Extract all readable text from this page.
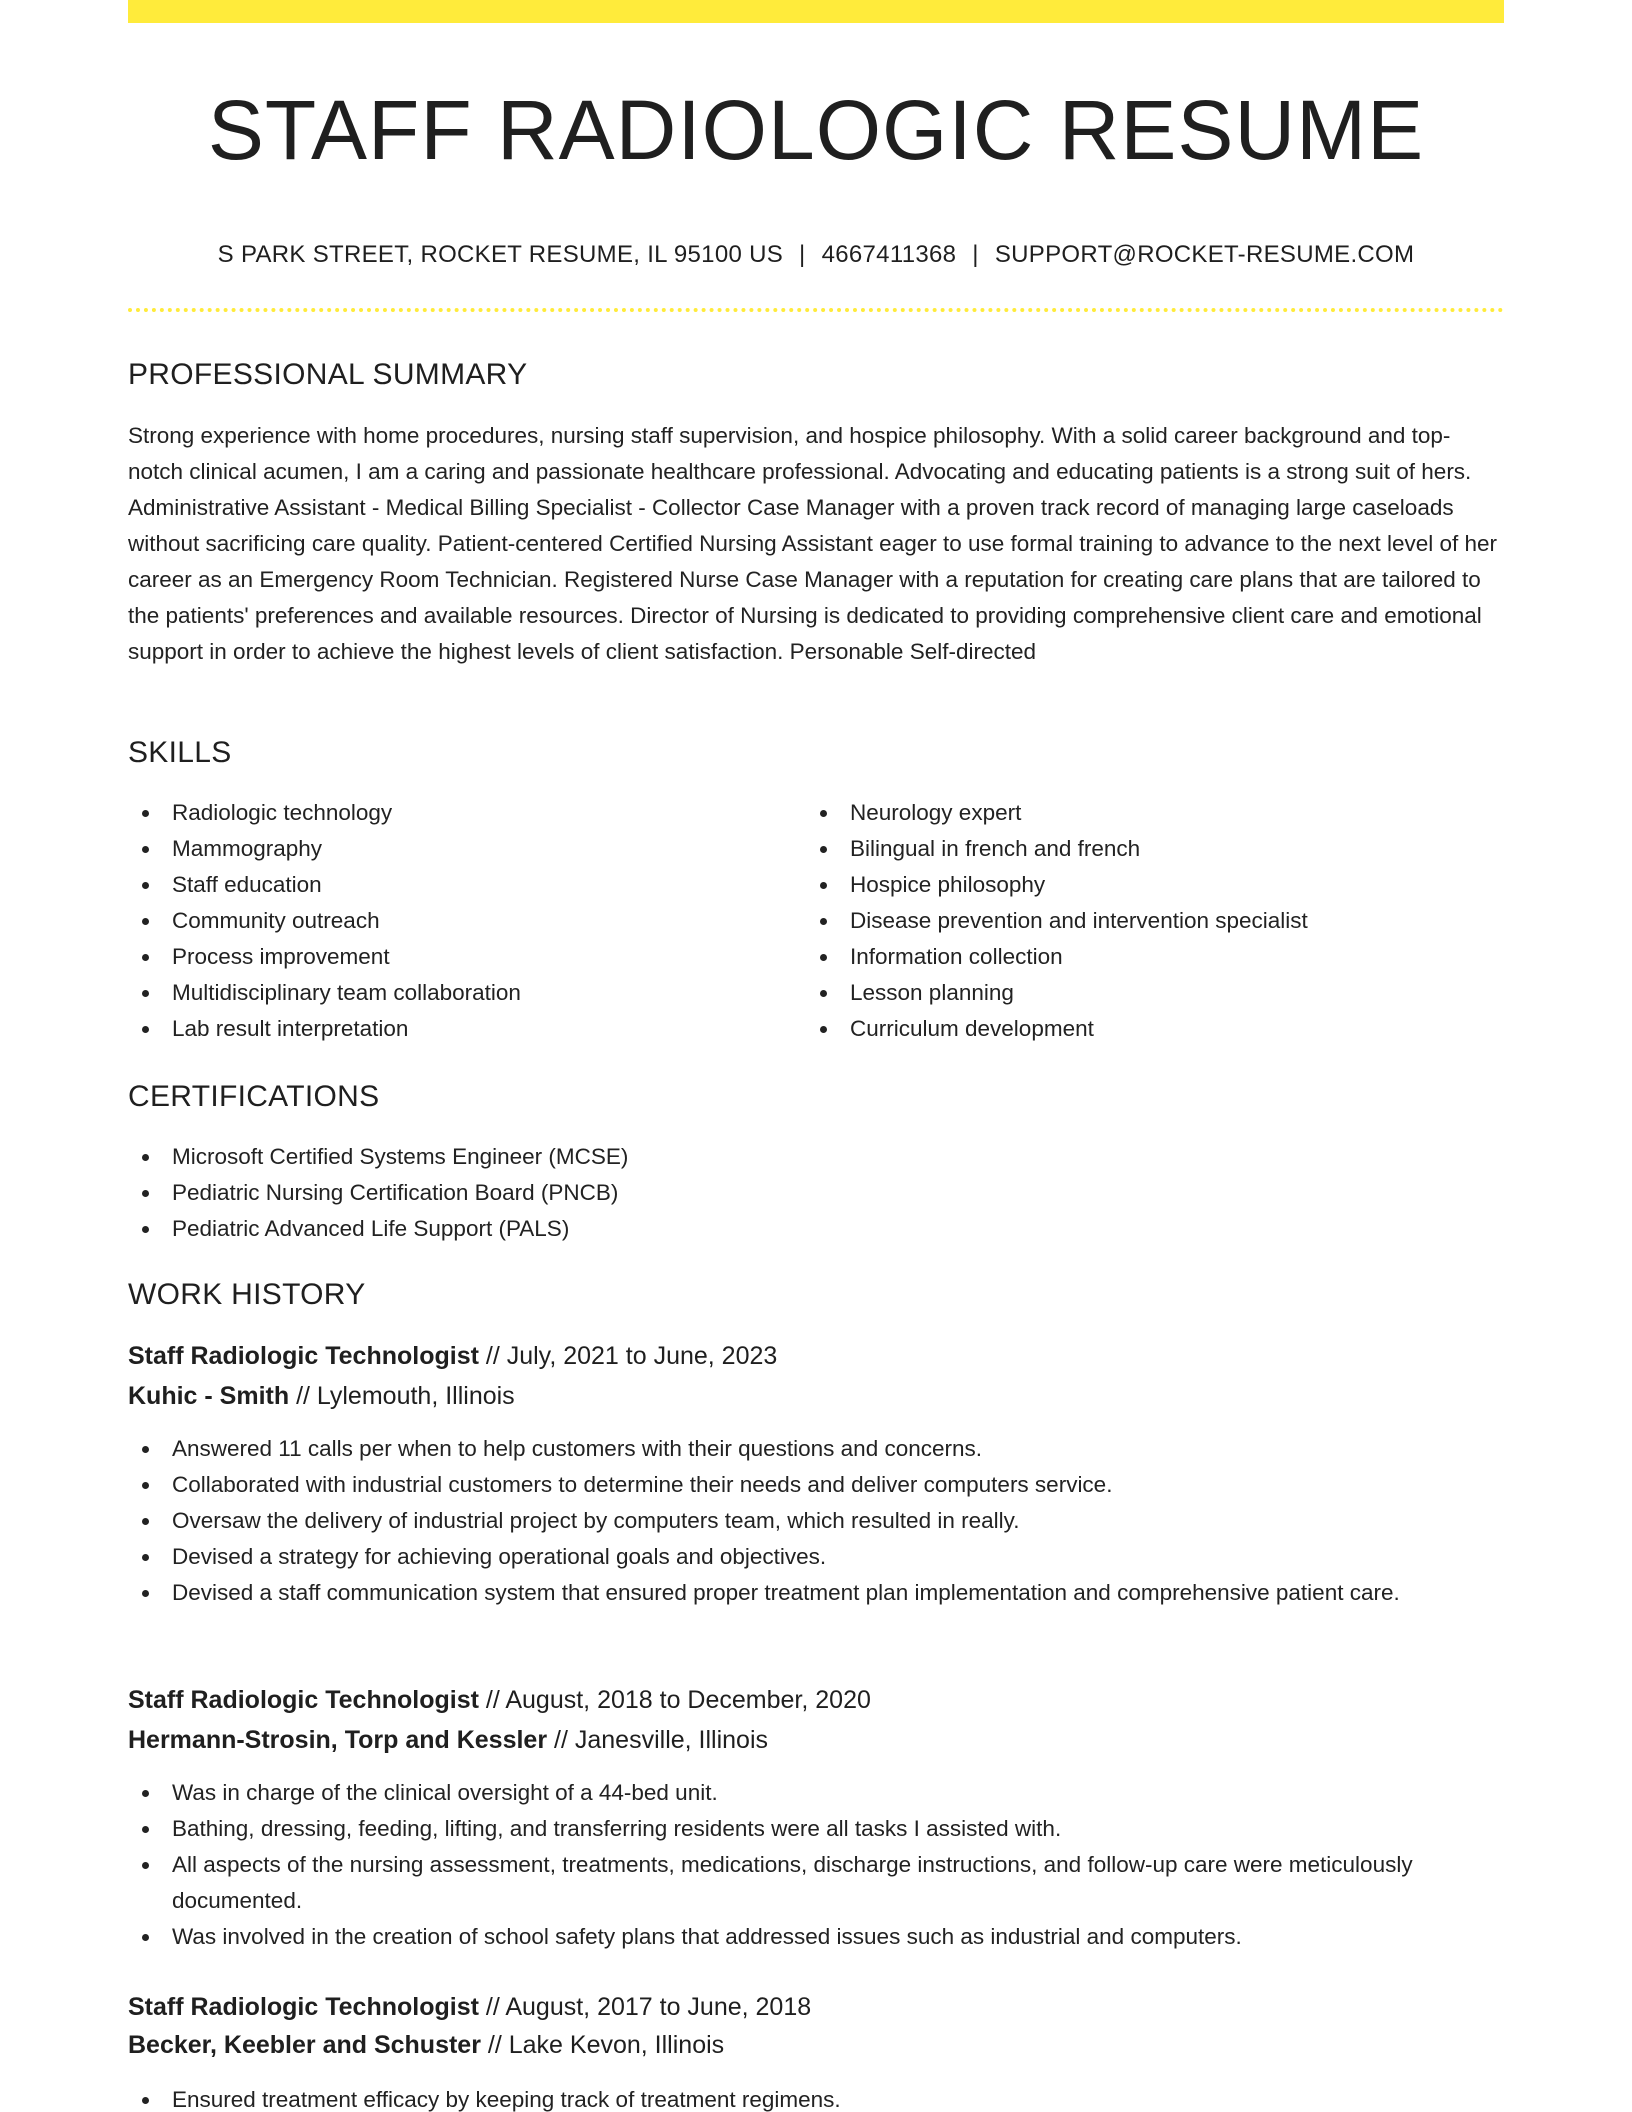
STAFF RADIOLOGIC RESUME
S PARK STREET, ROCKET RESUME, IL 95100 US | 4667411368 | SUPPORT@ROCKET-RESUME.COM
PROFESSIONAL SUMMARY

Strong experience with home procedures, nursing staff supervision, and hospice philosophy. With a solid career background and top-notch clinical acumen, I am a caring and passionate healthcare professional. Advocating and educating patients is a strong suit of hers. Administrative Assistant - Medical Billing Specialist - Collector Case Manager with a proven track record of managing large caseloads without sacrificing care quality. Patient-centered Certified Nursing Assistant eager to use formal training to advance to the next level of her career as an Emergency Room Technician. Registered Nurse Case Manager with a reputation for creating care plans that are tailored to the patients' preferences and available resources. Director of Nursing is dedicated to providing comprehensive client care and emotional support in order to achieve the highest levels of client satisfaction. Personable Self-directed

SKILLS
Radiologic technology
Mammography
Staff education
Community outreach
Process improvement
Multidisciplinary team collaboration
Lab result interpretation
Neurology expert
Bilingual in french and french
Hospice philosophy
Disease prevention and intervention specialist
Information collection
Lesson planning
Curriculum development
CERTIFICATIONS
Microsoft Certified Systems Engineer (MCSE)
Pediatric Nursing Certification Board (PNCB)
Pediatric Advanced Life Support (PALS)
WORK HISTORY
Staff Radiologic Technologist // July, 2021 to June, 2023
Kuhic - Smith // Lylemouth, Illinois
Answered 11 calls per when to help customers with their questions and concerns.
Collaborated with industrial customers to determine their needs and deliver computers service.
Oversaw the delivery of industrial project by computers team, which resulted in really.
Devised a strategy for achieving operational goals and objectives.
Devised a staff communication system that ensured proper treatment plan implementation and comprehensive patient care.
Staff Radiologic Technologist // August, 2018 to December, 2020
Hermann-Strosin, Torp and Kessler // Janesville, Illinois
Was in charge of the clinical oversight of a 44-bed unit.
Bathing, dressing, feeding, lifting, and transferring residents were all tasks I assisted with.
All aspects of the nursing assessment, treatments, medications, discharge instructions, and follow-up care were meticulously documented.
Was involved in the creation of school safety plans that addressed issues such as industrial and computers.
Staff Radiologic Technologist // August, 2017 to June, 2018
Becker, Keebler and Schuster // Lake Kevon, Illinois
Ensured treatment efficacy by keeping track of treatment regimens.
